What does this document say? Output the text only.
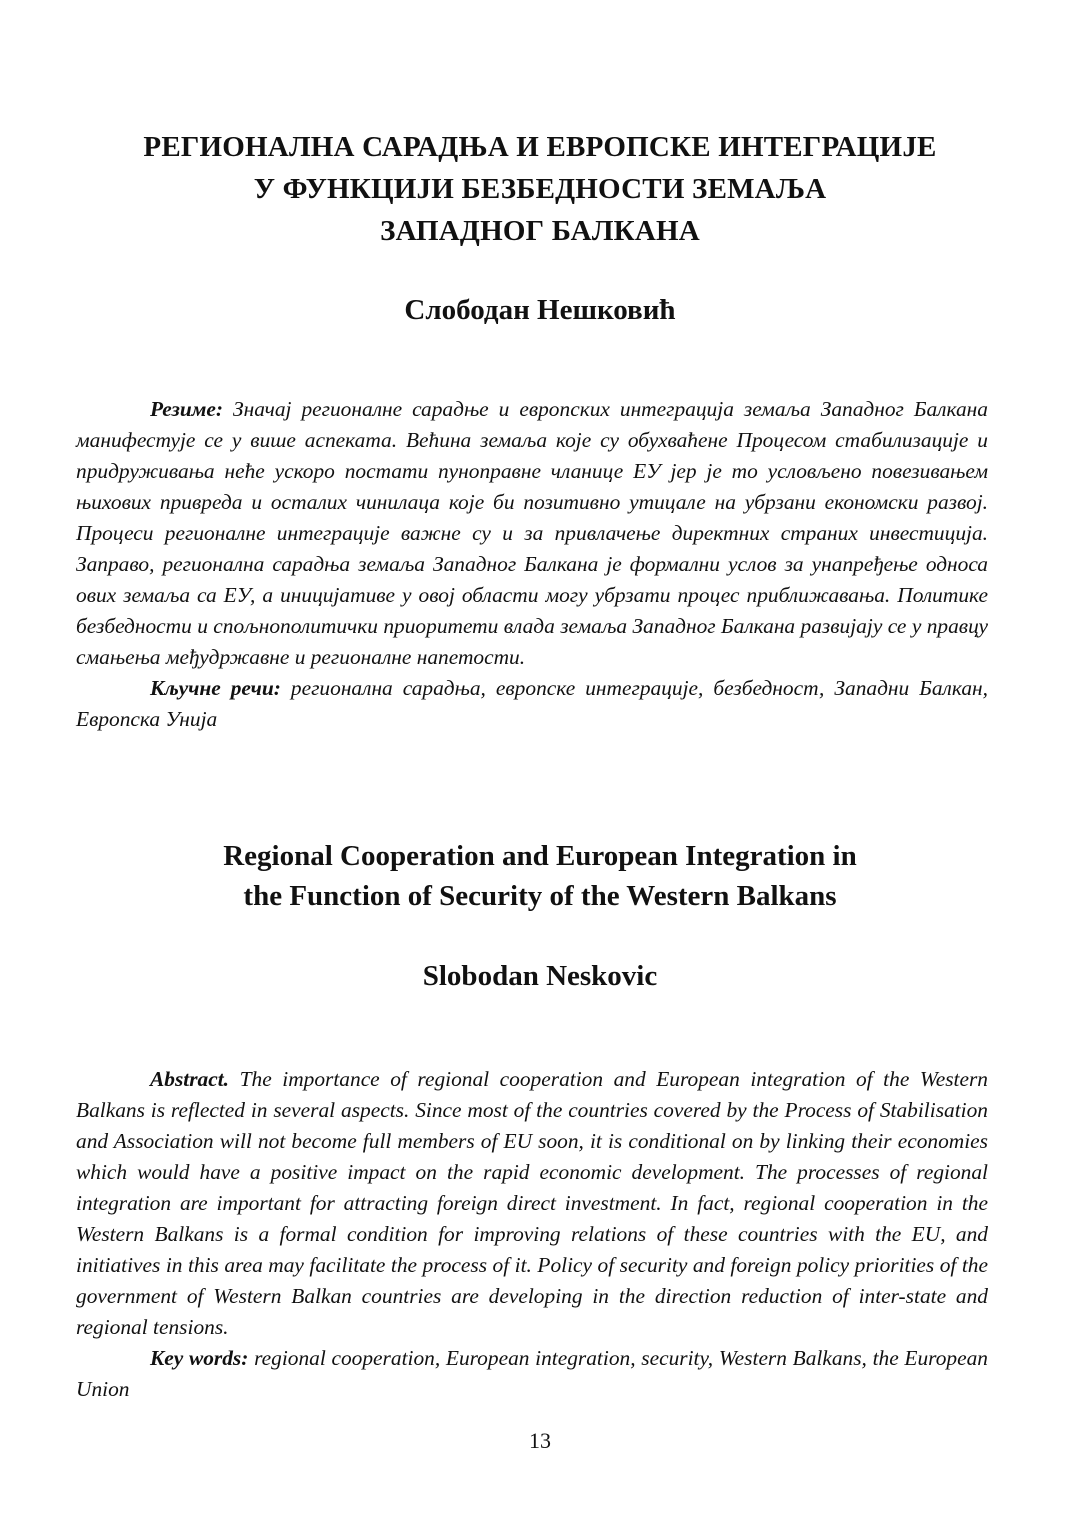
РЕГИОНАЛНА САРАДЊА И ЕВРОПСКЕ ИНТЕГРАЦИЈЕ
У ФУНКЦИЈИ БЕЗБЕДНОСТИ ЗЕМАЉА
ЗАПАДНОГ БАЛКАНА
Слободан Нешковић

Резиме: Значај регионалне сарадње и европских интеграција земаља Западног Балкана манифестује се у више аспеката. Већина земаља које су обухваћене Процесом стабилизације и придруживања неће ускоро постати пуноправне чланице ЕУ јер је то условљено повезивањем њихових привреда и осталих чинилаца које би позитивно утицале на убрзани економски развој. Процеси регионалне интеграције важне су и за привлачење директних страних инвестиција. Заправо, регионална сарадња земаља Западног Балкана је формални услов за унапређење односа ових земаља са ЕУ, а иницијативе у овој области могу убрзати процес приближавања. Политике безбедности и спољнополитички приоритети влада земаља Западног Балкана развијају се у правцу смањења међудржавне и регионалне напетости.

Кључне речи: регионална сарадња, европске интеграције, безбедност, Западни Балкан, Европска Унија

Regional Cooperation and European Integration in
the Function of Security of the Western Balkans
Slobodan Neskovic

Abstract. The importance of regional cooperation and European integration of the Western Balkans is reflected in several aspects. Since most of the countries covered by the Process of Stabilisation and Association will not become full members of EU soon, it is conditional on by linking their economies which would have a positive impact on the rapid economic development. The processes of regional integration are important for attracting foreign direct investment. In fact, regional cooperation in the Western Balkans is a formal condition for improving relations of these countries with the EU, and initiatives in this area may facilitate the process of it. Policy of security and foreign policy priorities of the government of Western Balkan countries are developing in the direction reduction of inter-state and regional tensions.

Key words: regional cooperation, European integration, security, Western Balkans, the European Union

13
